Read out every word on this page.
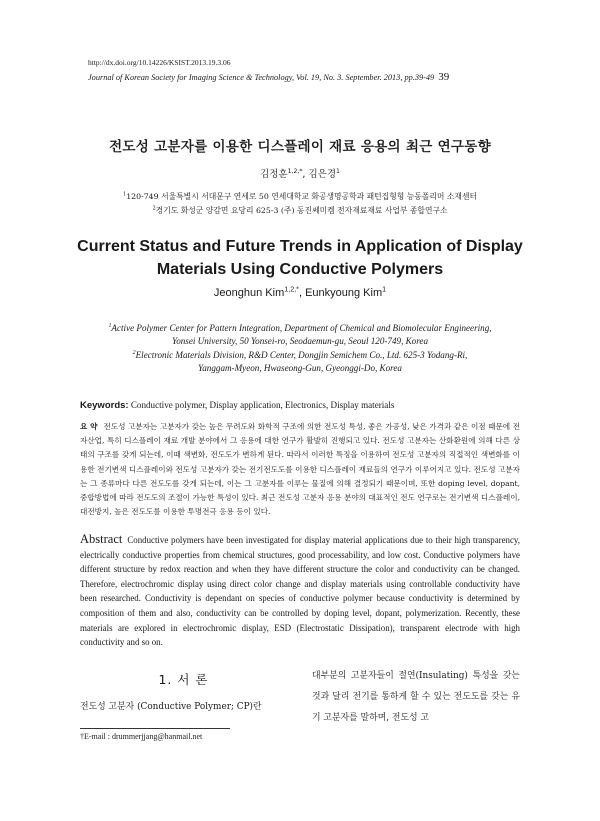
http://dx.doi.org/10.14226/KSIST.2013.19.3.06
Journal of Korean Society for Imaging Science & Technology, Vol. 19, No. 3. September. 2013, pp.39-49 39
전도성 고분자를 이용한 디스플레이 재료 응용의 최근 연구동향
김정훈$^{1,2,*}$, 김은경$^1$
$^1$120-749 서울특별시 서대문구 연세로 50 연세대학교 화공생명공학과 패턴집형형 능동폴리머 소재센터
$^2$경기도 화성군 양감면 요당리 625-3 (주) 동진쎄미켐 전자재료재료 사업부 종합연구소
Current Status and Future Trends in Application of Display
Materials Using Conductive Polymers
Jeonghun Kim$^{1,2,*}$, Eunkyoung Kim$^1$
$^1$Active Polymer Center for Pattern Integration, Department of Chemical and Biomolecular Engineering,
Yonsei University, 50 Yonsei-ro, Seodaemun-gu, Seoul 120-749, Korea
$^2$Electronic Materials Division, R&D Center, Dongjin Semichem Co., Ltd. 625-3 Yodang-Ri,
Yanggam-Myeon, Hwaseong-Gun, Gyeonggi-Do, Korea
Keywords: Conductive polymer, Display application, Electronics, Display materials
요 약 전도성 고분자는 고분자가 갖는 높은 무려도와 화학적 구조에 의한 전도성 특성, 좋은 가공성, 낮은 가격과 같은 이점 때문에 전자산업, 특히 디스플레이 재료 개발 분야에서 그 응용에 대한 연구가 활발히 진행되고 있다. 전도성 고분자는 산화환원에 의해 다른 상태의 구조를 갖게 되는데, 이때 색변화, 전도도가 변하게 된다. 따라서 이러한 특징을 이용하여 전도성 고분자의 직접적인 색변화를 이용한 전기변색 디스플레이와 전도성 고분자가 갖는 전기전도도를 이용한 디스플레이 재료들의 연구가 이루어지고 있다. 전도성 고분자는 그 종류마다 다른 전도도를 갖게 되는데, 이는 그 고분자를 이루는 물질에 의해 결정되기 때문이며, 또한 doping level, dopant, 중합방법에 따라 전도도의 조절이 가능한 특성이 있다. 최근 전도성 고분자 응용 분야의 대표적인 전도 연구로는 전기변색 디스플레이, 대전방지, 높은 전도도를 이용한 투명전극 응용 등이 있다.
Abstract Conductive polymers have been investigated for display material applications due to their high transparency, electrically conductive properties from chemical structures, good processability, and low cost. Conductive polymers have different structure by redox reaction and when they have different structure the color and conductivity can be changed. Therefore, electrochromic display using direct color change and display materials using controllable conductivity have been researched. Conductivity is dependant on species of conductive polymer because conductivity is determined by composition of them and also, conductivity can be controlled by doping level, dopant, polymerization. Recently, these materials are explored in electrochromic display, ESD (Electrostatic Dissipation), transparent electrode with high conductivity and so on.
1. 서 론
전도성 고분자 (Conductive Polymer; CP)란
대부분의 고분자들이 절연(Insulating) 특성을 갖는 것과 달리 전기를 통하게 할 수 있는 전도도를 갖는 유기 고분자를 말하며, 전도성 고
†E-mail : drummerjjang@hanmail.net
